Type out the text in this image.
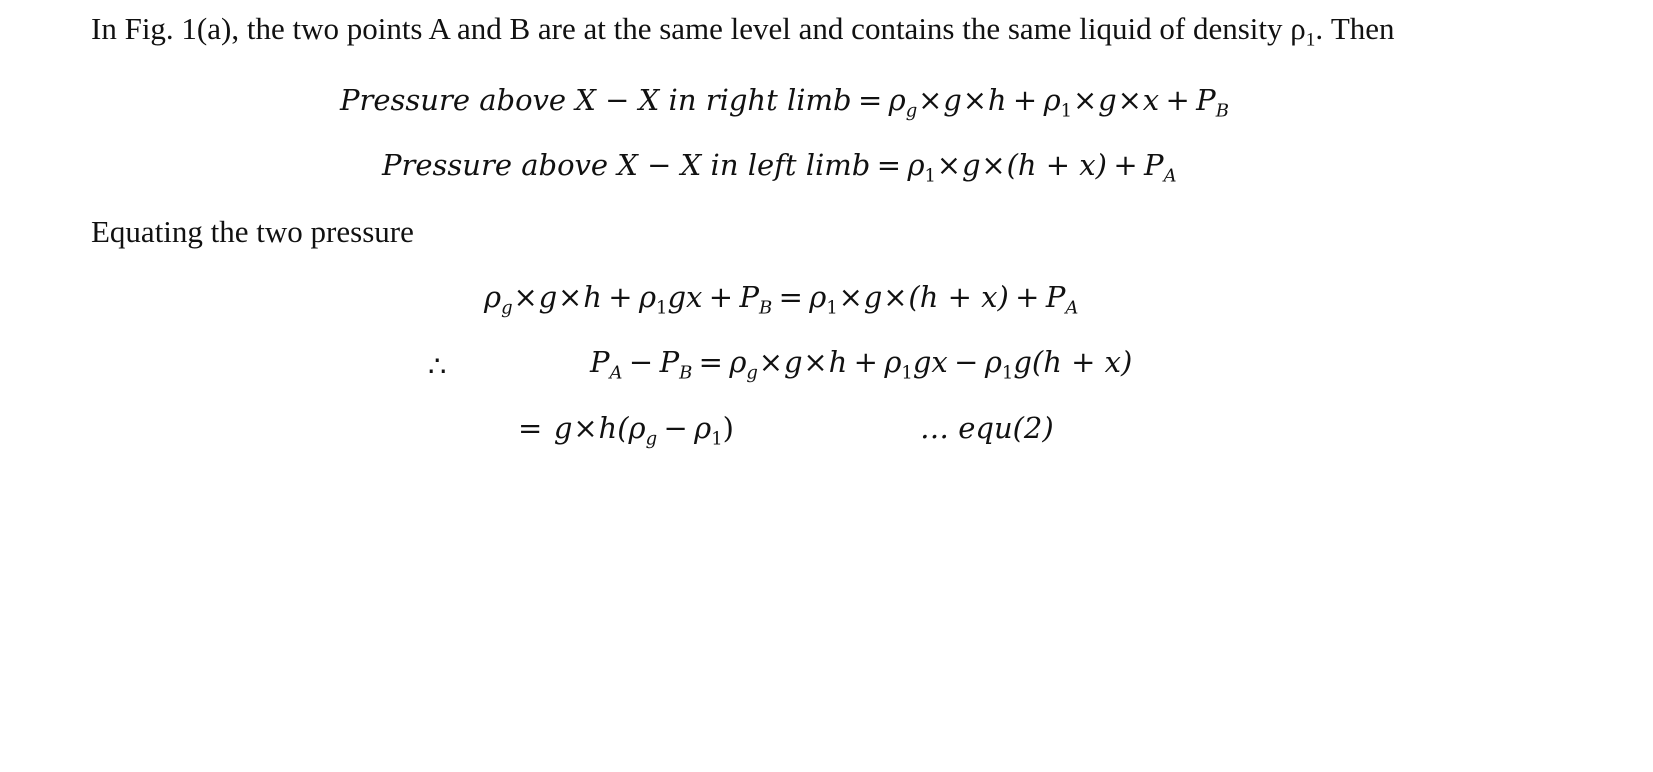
In Fig. 1(a), the two points A and B are at the same level and contains the same liquid of density $\rho_1$. Then
Pressure above X − X in right $\lim b = \rho_g\times g\times h + \rho_1\times g\times x + P_B$
Pressure above X − X in left $\lim b = \rho_1\times g\times(h + x) + P_A$
Equating the two pressure
$\rho_g\times g\times h + \rho_1gx + P_B = \rho_1\times g\times(h + x) + P_A$
∴	$P_A - P_B = \rho_g\times g\times h + \rho_1gx - \rho_1g(h + x)$
= $g\times h(\rho_g - \rho_1)$	… equ(2)
